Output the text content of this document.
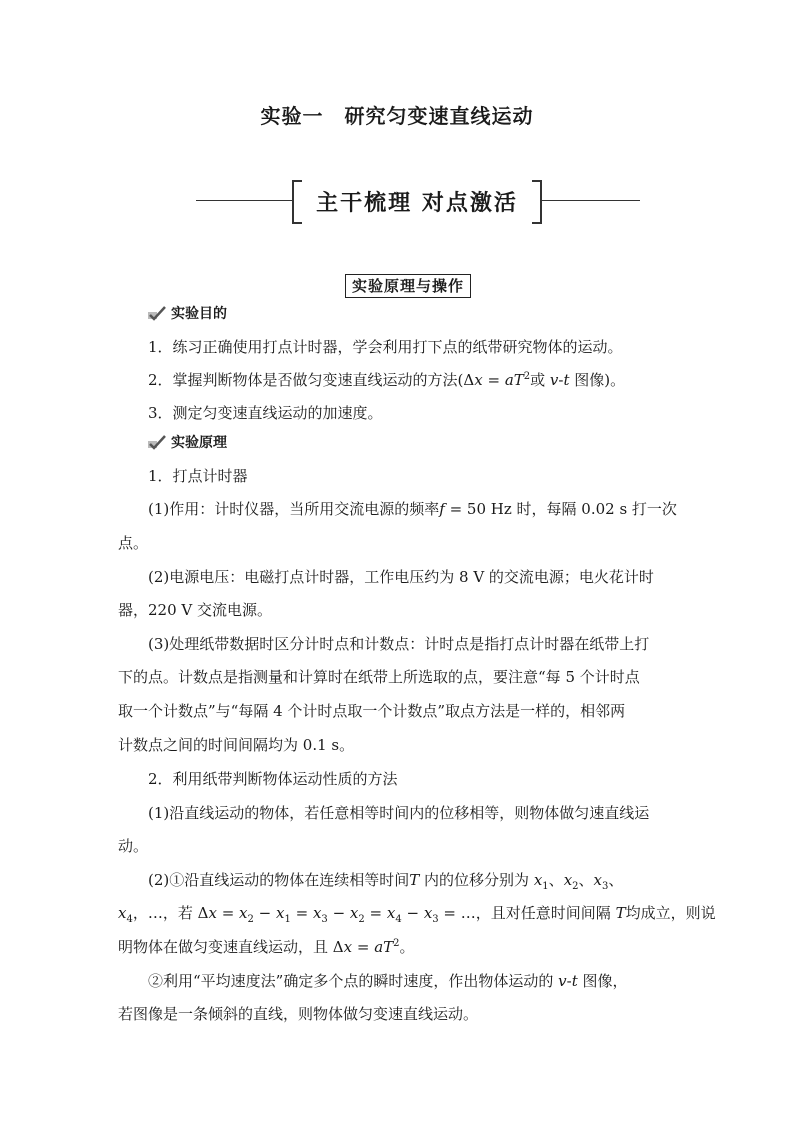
实验一　研究匀变速直线运动
主干梳理 对点激活
实验原理与操作
实验目的
1．练习正确使用打点计时器，学会利用打下点的纸带研究物体的运动。
2．掌握判断物体是否做匀变速直线运动的方法($\Delta x = aT^2$或 v-t 图像)。
3．测定匀变速直线运动的加速度。
实验原理
1．打点计时器
(1)作用：计时仪器，当所用交流电源的频率f = 50 Hz 时，每隔 0.02 s 打一次
点。
(2)电源电压：电磁打点计时器，工作电压约为 8 V 的交流电源；电火花计时
器，220 V 交流电源。
(3)处理纸带数据时区分计时点和计数点：计时点是指打点计时器在纸带上打
下的点。计数点是指测量和计算时在纸带上所选取的点，要注意“每 5 个计时点
取一个计数点”与“每隔 4 个计时点取一个计数点”取点方法是一样的，相邻两
计数点之间的时间间隔均为 0.1 s。
2．利用纸带判断物体运动性质的方法
(1)沿直线运动的物体，若任意相等时间内的位移相等，则物体做匀速直线运
动。
(2)①沿直线运动的物体在连续相等时间T 内的位移分别为 $x_1$、$x_2$、$x_3$、
$x_4$，…，若 $\Delta x = x_2 - x_1 = x_3 - x_2 = x_4 - x_3$ = …，且对任意时间间隔 T均成立，则说
明物体在做匀变速直线运动，且 $\Delta x = aT^2$。
②利用“平均速度法”确定多个点的瞬时速度，作出物体运动的 v-t 图像，
若图像是一条倾斜的直线，则物体做匀变速直线运动。
